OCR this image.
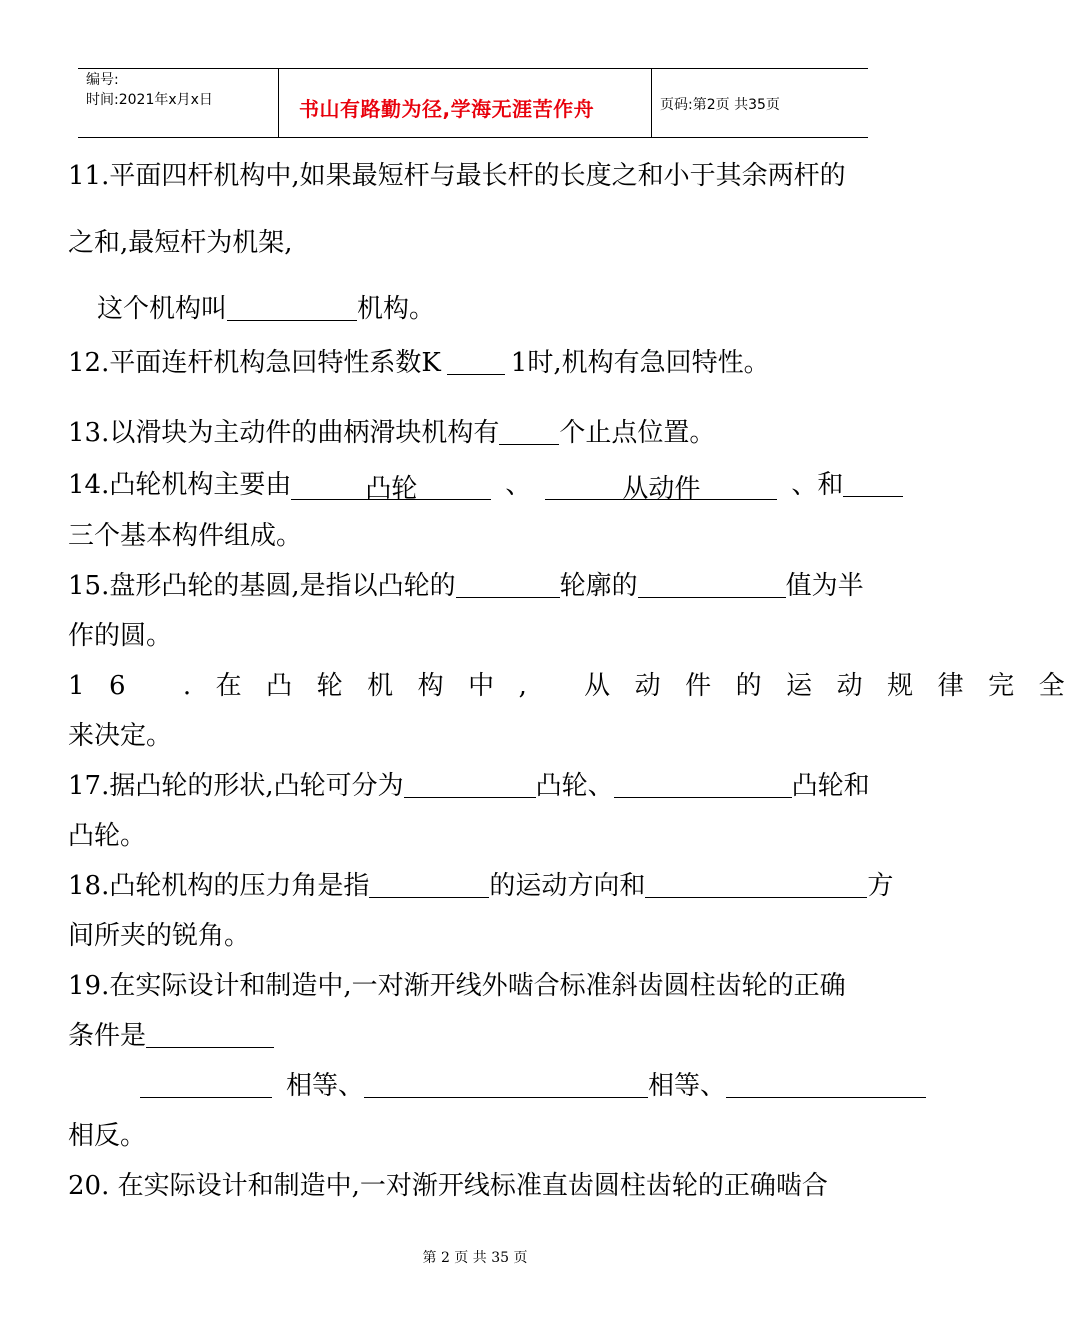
编号:
时间:2021年x月x日	书山有路勤为径,学海无涯苦作舟	页码:第2页 共35页
11.平面四杆机构中,如果最短杆与最长杆的长度之和小于其余两杆的
之和,最短杆为机架,
这个机构叫	机构。
12.平面连杆机构急回特性系数K	1时,机构有急回特性。
13.以滑块为主动件的曲柄滑块机构有 个止点位置。
14.凸轮机构主要由	凸轮	、	从动件	、和
三个基本构件组成。
15.盘形凸轮的基圆,是指以凸轮的	轮廓的	值为半
作的圆。
16 .在凸轮机构中, 从动件的运动规律完全
来决定。
17.据凸轮的形状,凸轮可分为	凸轮、	凸轮和
凸轮。
18.凸轮机构的压力角是指	的运动方向和	方
间所夹的锐角。
19.在实际设计和制造中,一对渐开线外啮合标准斜齿圆柱齿轮的正确
条件是
相等、	相等、
相反。
20. 在实际设计和制造中,一对渐开线标准直齿圆柱齿轮的正确啮合
第 2 页 共 35 页
